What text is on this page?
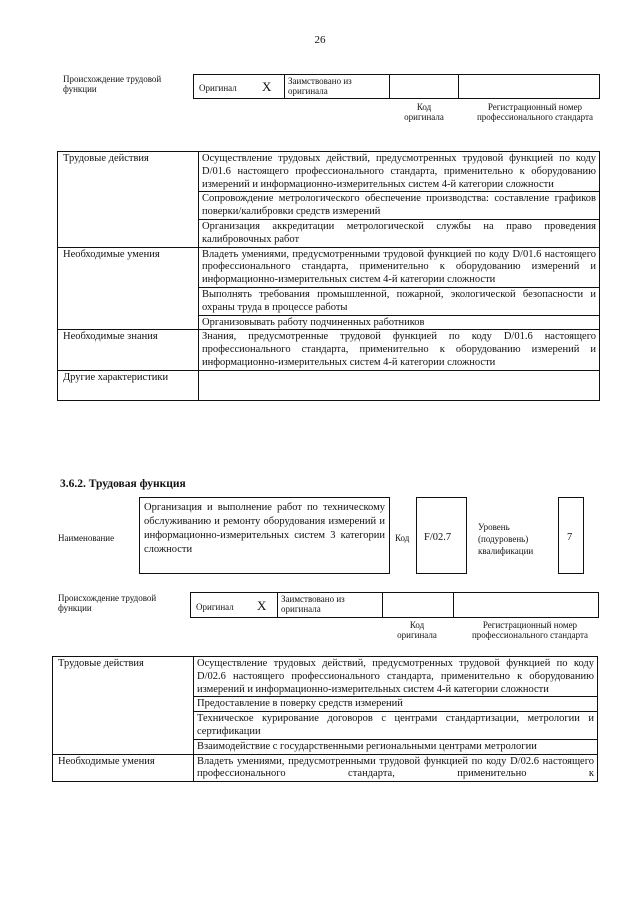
26
Происхождение трудовой функции	Оригинал X Заимствовано из оригинала
Код оригинала
Регистрационный номер профессионального стандарта
Трудовые действия	Осуществление трудовых действий, предусмотренных трудовой функцией по коду D/01.6 настоящего профессионального стандарта, применительно к оборудованию измерений и информационно-измерительных систем 4-й категории сложности
	Сопровождение метрологического обеспечение производства: составление графиков поверки/калибровки средств измерений
	Организация аккредитации метрологической службы на право проведения калибровочных работ
Необходимые умения	Владеть умениями, предусмотренными трудовой функцией по коду D/01.6 настоящего профессионального стандарта, применительно к оборудованию измерений и информационно-измерительных систем 4-й категории сложности
	Выполнять требования промышленной, пожарной, экологической безопасности и охраны труда в процессе работы
	Организовывать работу подчиненных работников
Необходимые знания	Знания, предусмотренные трудовой функцией по коду D/01.6 настоящего профессионального стандарта, применительно к оборудованию измерений и информационно-измерительных систем 4-й категории сложности
Другие характеристики	
3.6.2. Трудовая функция
Наименование
Организация и выполнение работ по техническому обслуживанию и ремонту оборудования измерений и информационно-измерительных систем 3 категории сложности
Код F/02.7
Уровень (подуровень) квалификации
7
Происхождение трудовой функции	Оригинал X Заимствовано из оригинала
Код оригинала
Регистрационный номер профессионального стандарта
Трудовые действия	Осуществление трудовых действий, предусмотренных трудовой функцией по коду D/02.6 настоящего профессионального стандарта, применительно к оборудованию измерений и информационно-измерительных систем 4-й категории сложности
	Предоставление в поверку средств измерений
	Техническое курирование договоров с центрами стандартизации, метрологии и сертификации
	Взаимодействие с государственными региональными центрами метрологии
Необходимые умения	Владеть умениями, предусмотренными трудовой функцией по коду D/02.6 настоящего профессионального стандарта, применительно к
